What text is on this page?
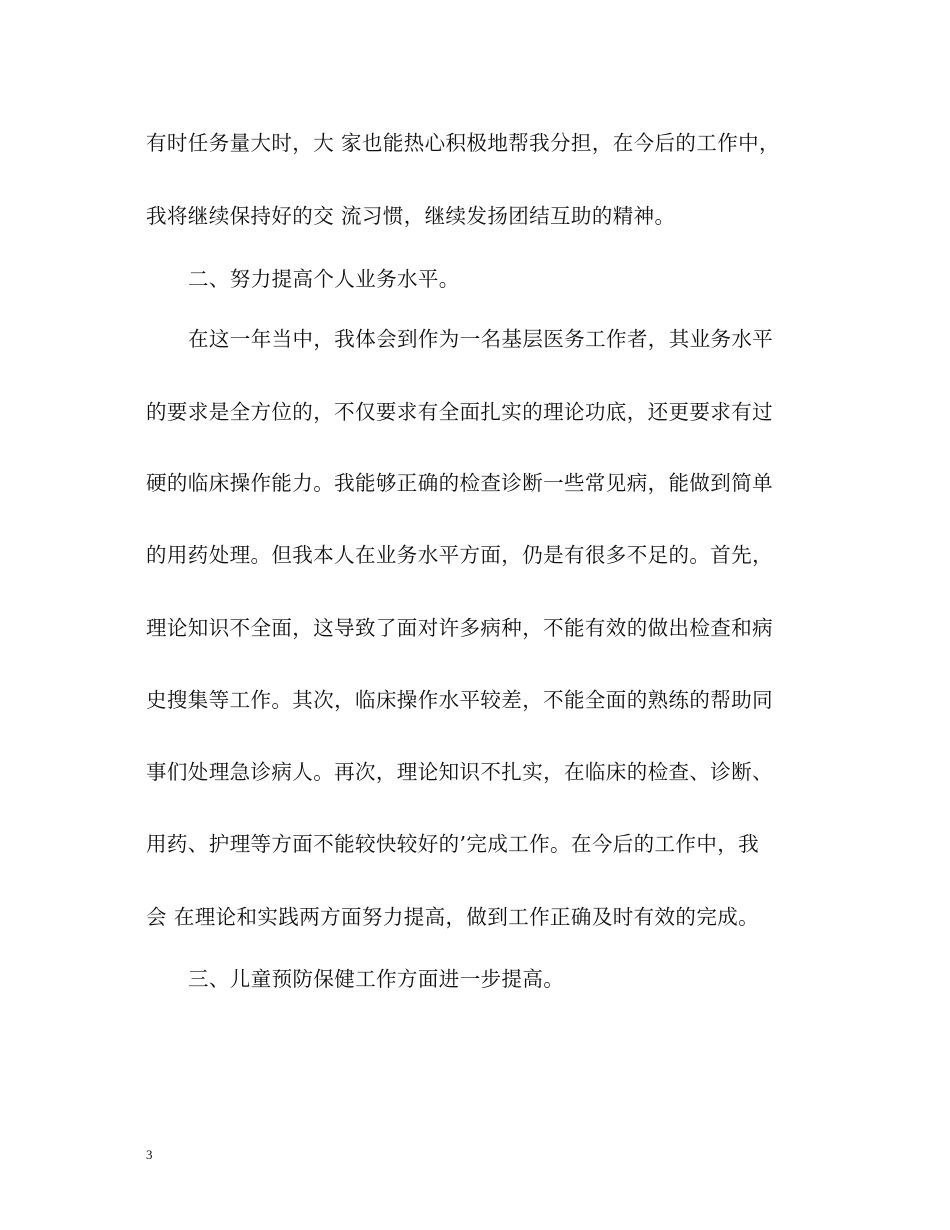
有时任务量大时，大 家也能热心积极地帮我分担，在今后的工作中，
我将继续保持好的交 流习惯，继续发扬团结互助的精神。
二、努力提高个人业务水平。
在这一年当中，我体会到作为一名基层医务工作者，其业务水平
的要求是全方位的，不仅要求有全面扎实的理论功底，还更要求有过
硬的临床操作能力。我能够正确的检查诊断一些常见病，能做到简单
的用药处理。但我本人在业务水平方面，仍是有很多不足的。首先，
理论知识不全面，这导致了面对许多病种，不能有效的做出检查和病
史搜集等工作。其次，临床操作水平较差，不能全面的熟练的帮助同
事们处理急诊病人。再次，理论知识不扎实，在临床的检查、诊断、
用药、护理等方面不能较快较好的’完成工作。在今后的工作中，我
会 在理论和实践两方面努力提高，做到工作正确及时有效的完成。
三、儿童预防保健工作方面进一步提高。
3
